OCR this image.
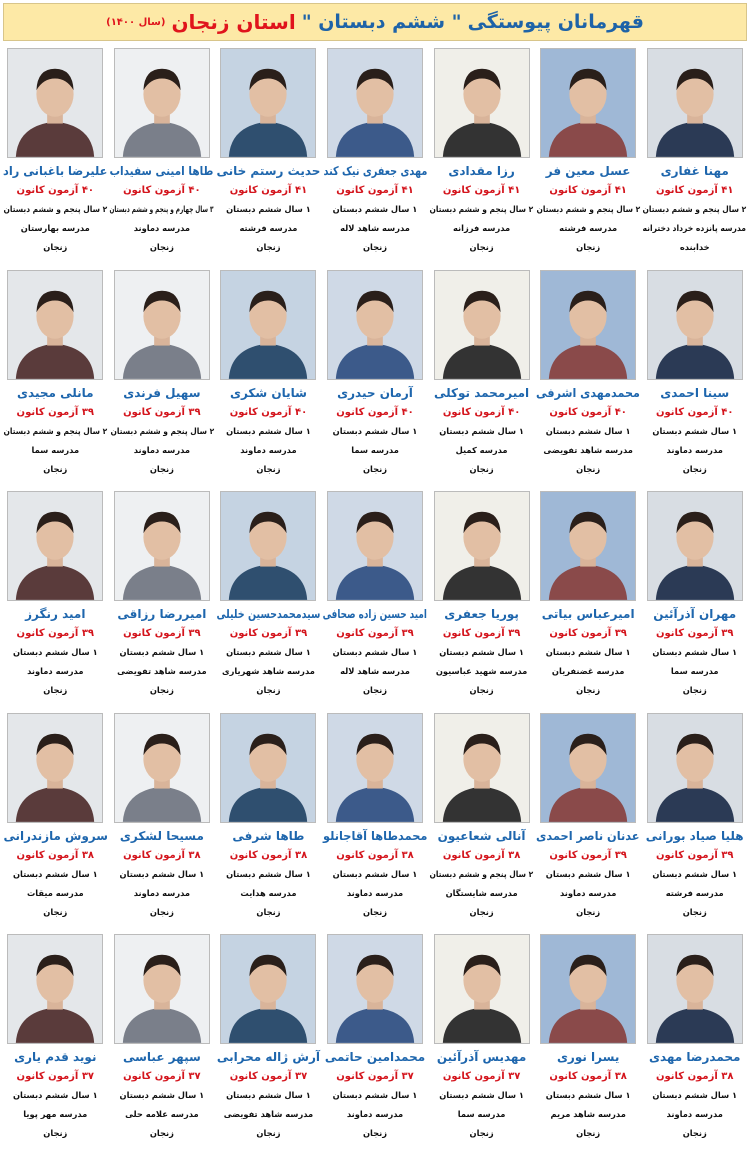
قهرمانان پیوستگی
" ششم دبستان "
استان زنجان
(سال ۱۴۰۰)
مهنا غفاری
۴۱ آزمون کانون
۲ سال پنجم و ششم دبستان
مدرسه پانزده خرداد دخترانه
خدابنده
عسل معین فر
۴۱ آزمون کانون
۲ سال پنجم و ششم دبستان
مدرسه فرشته
زنجان
رزا مقدادی
۴۱ آزمون کانون
۲ سال پنجم و ششم دبستان
مدرسه فرزانه
زنجان
مهدی جعفری نیک کند
۴۱ آزمون کانون
۱ سال ششم دبستان
مدرسه شاهد لاله
زنجان
حدیث رستم خانی
۴۱ آزمون کانون
۱ سال ششم دبستان
مدرسه فرشته
زنجان
طاها امینی سفیداب
۴۰ آزمون کانون
۳ سال چهارم و پنجم و ششم دبستان
مدرسه دماوند
زنجان
علیرضا باغبانی راد
۴۰ آزمون کانون
۲ سال پنجم و ششم دبستان
مدرسه بهارستان
زنجان
سینا احمدی
۴۰ آزمون کانون
۱ سال ششم دبستان
مدرسه دماوند
زنجان
محمدمهدی اشرفی
۴۰ آزمون کانون
۱ سال ششم دبستان
مدرسه شاهد تفویضی
زنجان
امیرمحمد توکلی
۴۰ آزمون کانون
۱ سال ششم دبستان
مدرسه کمیل
زنجان
آرمان حیدری
۴۰ آزمون کانون
۱ سال ششم دبستان
مدرسه سما
زنجان
شایان شکری
۴۰ آزمون کانون
۱ سال ششم دبستان
مدرسه دماوند
زنجان
سهیل فرندی
۳۹ آزمون کانون
۲ سال پنجم و ششم دبستان
مدرسه دماوند
زنجان
مانلی مجیدی
۳۹ آزمون کانون
۲ سال پنجم و ششم دبستان
مدرسه سما
زنجان
مهران آذرآئین
۳۹ آزمون کانون
۱ سال ششم دبستان
مدرسه سما
زنجان
امیرعباس بیاتی
۳۹ آزمون کانون
۱ سال ششم دبستان
مدرسه غضنفریان
زنجان
پوریا جعفری
۳۹ آزمون کانون
۱ سال ششم دبستان
مدرسه شهید عباسیون
زنجان
امید حسین زاده صحافی
۳۹ آزمون کانون
۱ سال ششم دبستان
مدرسه شاهد لاله
زنجان
سیدمحمدحسین خلیلی
۳۹ آزمون کانون
۱ سال ششم دبستان
مدرسه شاهد شهریاری
زنجان
امیررضا رزاقی
۳۹ آزمون کانون
۱ سال ششم دبستان
مدرسه شاهد تفویضی
زنجان
امید رنگرز
۳۹ آزمون کانون
۱ سال ششم دبستان
مدرسه دماوند
زنجان
هلیا صیاد بورانی
۳۹ آزمون کانون
۱ سال ششم دبستان
مدرسه فرشته
زنجان
عدنان ناصر احمدی
۳۹ آزمون کانون
۱ سال ششم دبستان
مدرسه دماوند
زنجان
آنالی شعاعیون
۳۸ آزمون کانون
۲ سال پنجم و ششم دبستان
مدرسه شایستگان
زنجان
محمدطاها آقاجانلو
۳۸ آزمون کانون
۱ سال ششم دبستان
مدرسه دماوند
زنجان
طاها شرفی
۳۸ آزمون کانون
۱ سال ششم دبستان
مدرسه هدایت
زنجان
مسیحا لشکری
۳۸ آزمون کانون
۱ سال ششم دبستان
مدرسه دماوند
زنجان
سروش مازندرانی
۳۸ آزمون کانون
۱ سال ششم دبستان
مدرسه میقات
زنجان
محمدرضا مهدی
۳۸ آزمون کانون
۱ سال ششم دبستان
مدرسه دماوند
زنجان
یسرا نوری
۳۸ آزمون کانون
۱ سال ششم دبستان
مدرسه شاهد مریم
زنجان
مهدیس آذرآئین
۳۷ آزمون کانون
۱ سال ششم دبستان
مدرسه سما
زنجان
محمدامین حاتمی
۳۷ آزمون کانون
۱ سال ششم دبستان
مدرسه دماوند
زنجان
آرش ژاله محرابی
۳۷ آزمون کانون
۱ سال ششم دبستان
مدرسه شاهد تفویضی
زنجان
سپهر عباسی
۳۷ آزمون کانون
۱ سال ششم دبستان
مدرسه علامه حلی
زنجان
نوید قدم یاری
۳۷ آزمون کانون
۱ سال ششم دبستان
مدرسه مهر پویا
زنجان
